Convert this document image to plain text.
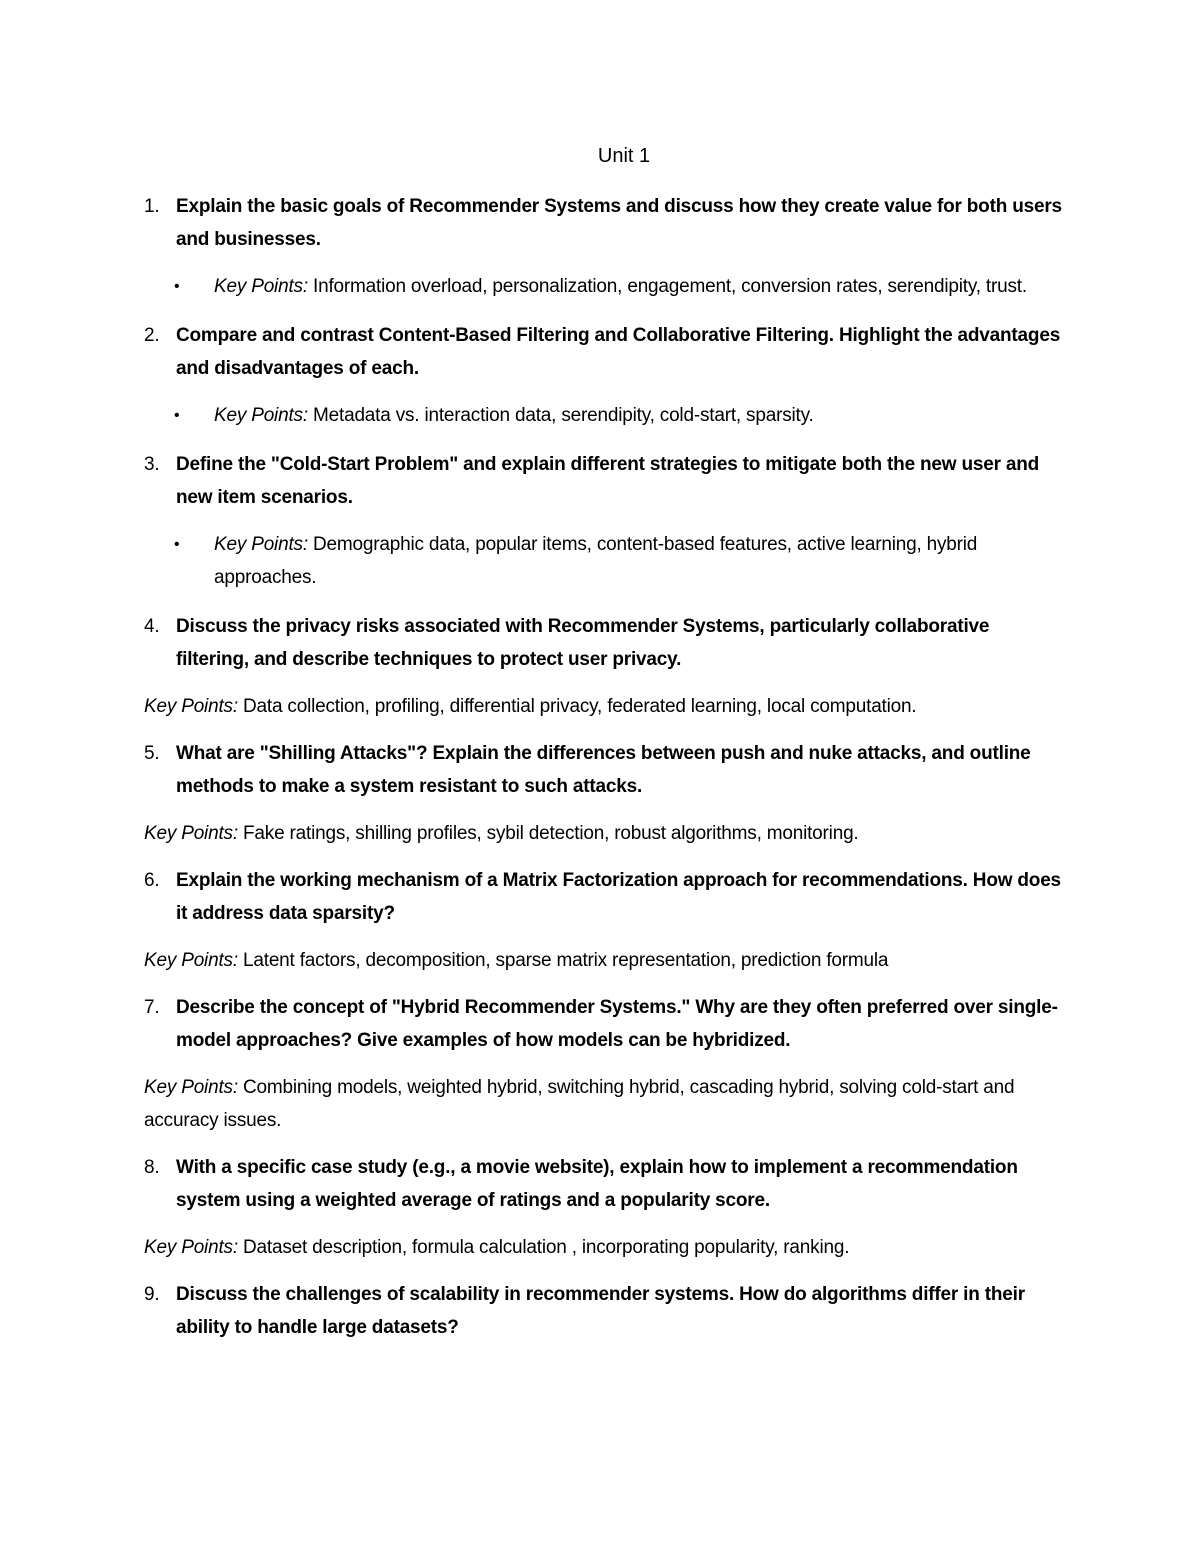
Unit 1
1. Explain the basic goals of Recommender Systems and discuss how they create value for both users and businesses.
•	Key Points: Information overload, personalization, engagement, conversion rates, serendipity, trust.
2. Compare and contrast Content-Based Filtering and Collaborative Filtering. Highlight the advantages and disadvantages of each.
•	Key Points: Metadata vs. interaction data, serendipity, cold-start, sparsity.
3. Define the "Cold-Start Problem" and explain different strategies to mitigate both the new user and new item scenarios.
•	Key Points: Demographic data, popular items, content-based features, active learning, hybrid approaches.
4. Discuss the privacy risks associated with Recommender Systems, particularly collaborative filtering, and describe techniques to protect user privacy.
Key Points: Data collection, profiling, differential privacy, federated learning, local computation.
5. What are "Shilling Attacks"? Explain the differences between push and nuke attacks, and outline methods to make a system resistant to such attacks.
Key Points: Fake ratings, shilling profiles, sybil detection, robust algorithms, monitoring.
6. Explain the working mechanism of a Matrix Factorization approach for recommendations. How does it address data sparsity?
Key Points: Latent factors, decomposition, sparse matrix representation, prediction formula
7. Describe the concept of "Hybrid Recommender Systems." Why are they often preferred over single-model approaches? Give examples of how models can be hybridized.
Key Points: Combining models, weighted hybrid, switching hybrid, cascading hybrid, solving cold-start and accuracy issues.
8. With a specific case study (e.g., a movie website), explain how to implement a recommendation system using a weighted average of ratings and a popularity score.
Key Points: Dataset description, formula calculation , incorporating popularity, ranking.
9. Discuss the challenges of scalability in recommender systems. How do algorithms differ in their ability to handle large datasets?
